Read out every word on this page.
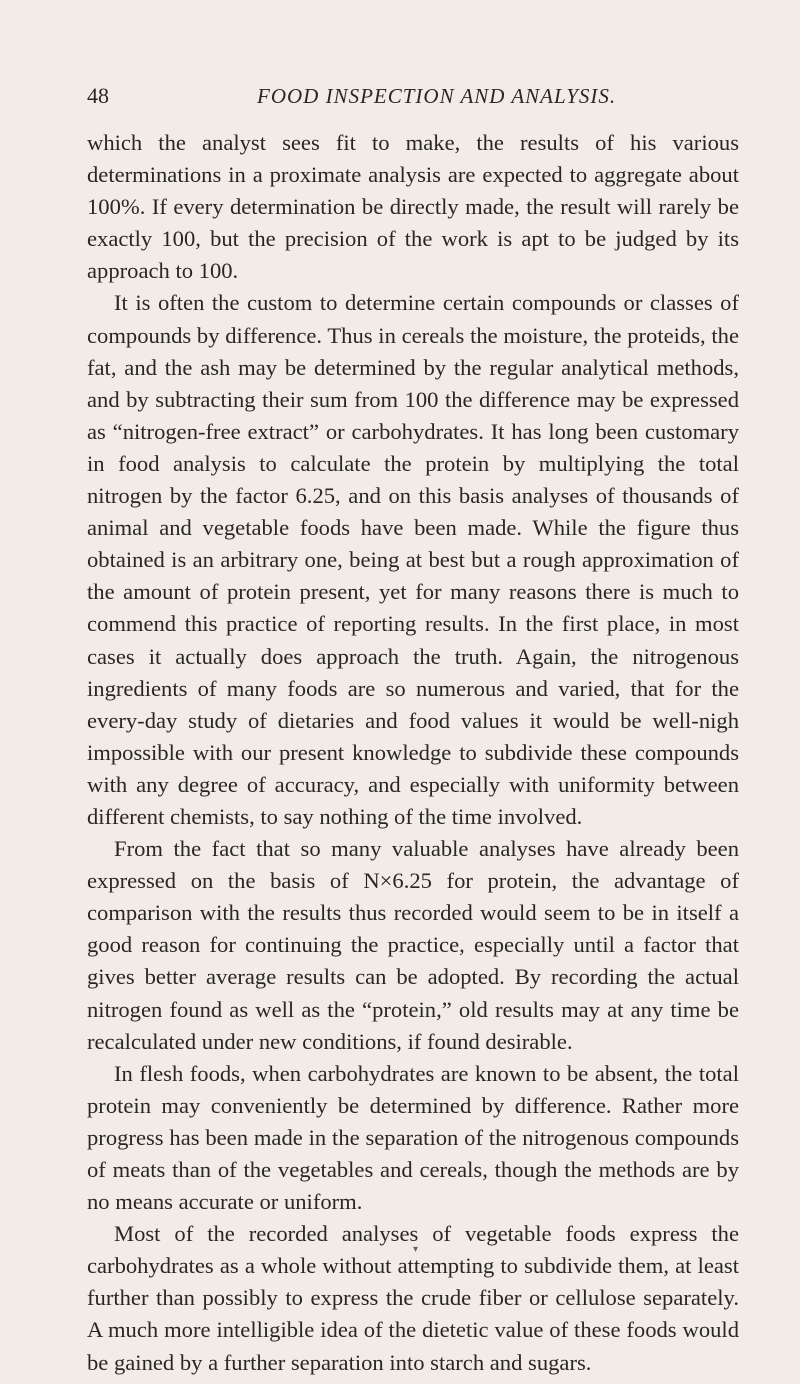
48	FOOD INSPECTION AND ANALYSIS.

which the analyst sees fit to make, the results of his various determinations in a proximate analysis are expected to aggregate about 100%. If every determination be directly made, the result will rarely be exactly 100, but the precision of the work is apt to be judged by its approach to 100.

It is often the custom to determine certain compounds or classes of compounds by difference. Thus in cereals the moisture, the proteids, the fat, and the ash may be determined by the regular analytical methods, and by subtracting their sum from 100 the difference may be expressed as “nitrogen-free extract” or carbohydrates. It has long been customary in food analysis to calculate the protein by multiplying the total nitrogen by the factor 6.25, and on this basis analyses of thousands of animal and vegetable foods have been made. While the figure thus obtained is an arbitrary one, being at best but a rough approximation of the amount of protein present, yet for many reasons there is much to commend this practice of reporting results. In the first place, in most cases it actually does approach the truth. Again, the nitrogenous ingredients of many foods are so numerous and varied, that for the every-day study of dietaries and food values it would be well-nigh impossible with our present knowledge to subdivide these compounds with any degree of accuracy, and especially with uniformity between different chemists, to say nothing of the time involved.

From the fact that so many valuable analyses have already been expressed on the basis of N×6.25 for protein, the advantage of comparison with the results thus recorded would seem to be in itself a good reason for continuing the practice, especially until a factor that gives better average results can be adopted. By recording the actual nitrogen found as well as the “protein,” old results may at any time be recalculated under new conditions, if found desirable.

In flesh foods, when carbohydrates are known to be absent, the total protein may conveniently be determined by difference. Rather more progress has been made in the separation of the nitrogenous compounds of meats than of the vegetables and cereals, though the methods are by no means accurate or uniform.

Most of the recorded analyses of vegetable foods express the carbohydrates as a whole without attempting to subdivide them, at least further than possibly to express the crude fiber or cellulose separately. A much more intelligible idea of the dietetic value of these foods would be gained by a further separation into starch and sugars.

▾
